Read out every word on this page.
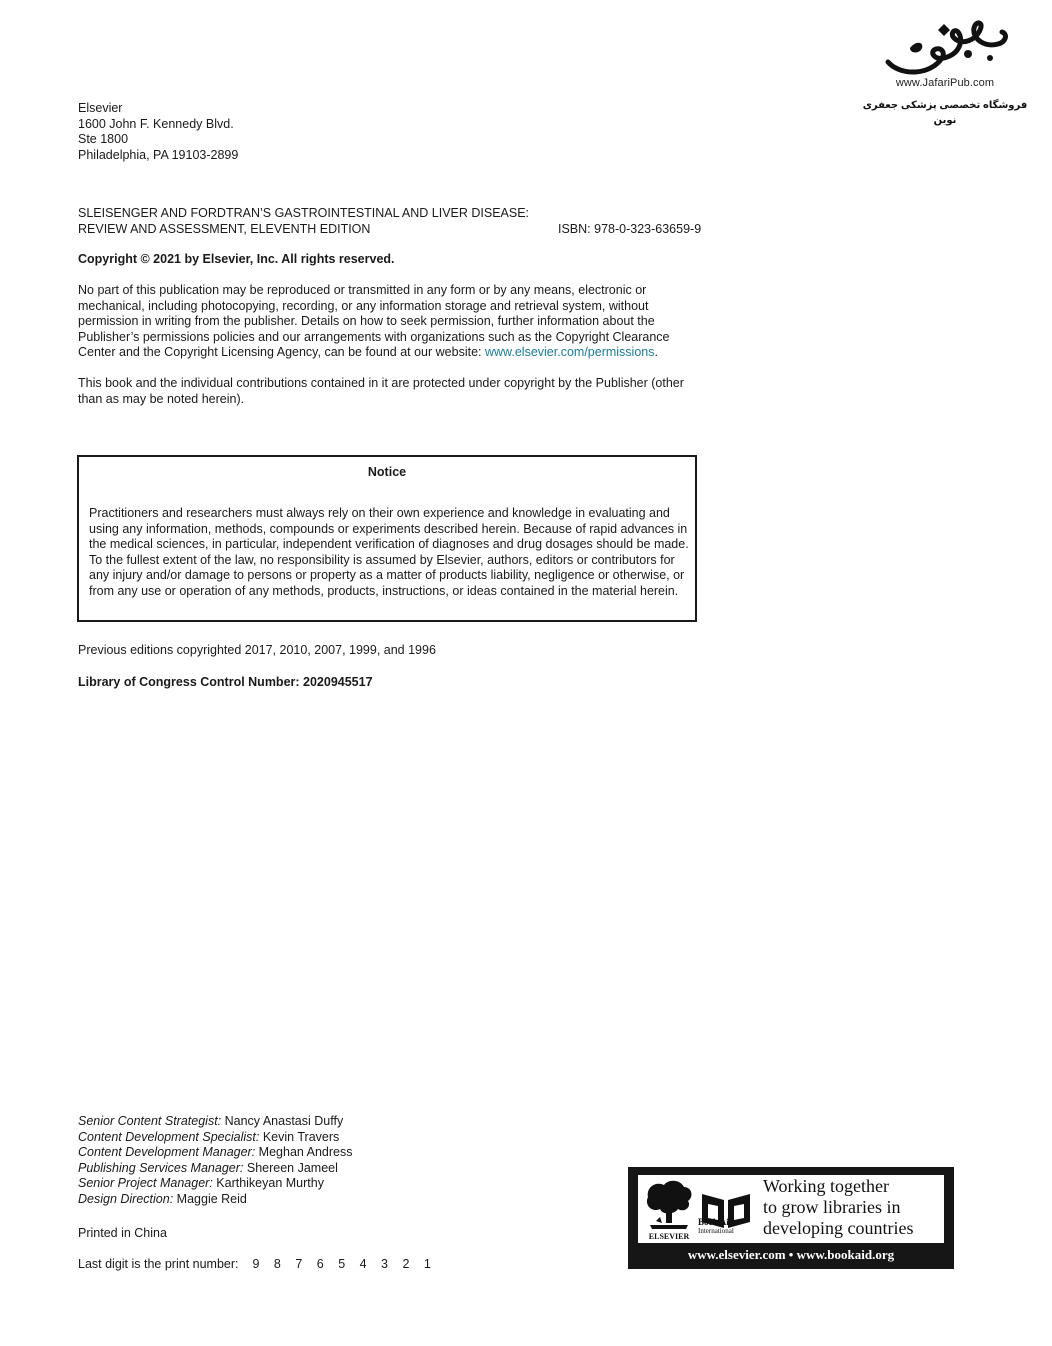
www.JafariPub.com
فروشگاه تخصصی پزشکی جعفری نوین
Elsevier
1600 John F. Kennedy Blvd.
Ste 1800
Philadelphia, PA 19103-2899
SLEISENGER AND FORDTRAN’S GASTROINTESTINAL AND LIVER DISEASE:
REVIEW AND ASSESSMENT, ELEVENTH EDITION	ISBN: 978-0-323-63659-9

Copyright © 2021 by Elsevier, Inc. All rights reserved.

No part of this publication may be reproduced or transmitted in any form or by any means, electronic or mechanical, including photocopying, recording, or any information storage and retrieval system, without permission in writing from the publisher. Details on how to seek permission, further information about the Publisher’s permissions policies and our arrangements with organizations such as the Copyright Clearance Center and the Copyright Licensing Agency, can be found at our website: www.elsevier.com/permissions.

This book and the individual contributions contained in it are protected under copyright by the Publisher (other than as may be noted herein).

Notice

Practitioners and researchers must always rely on their own experience and knowledge in evaluating and using any information, methods, compounds or experiments described herein. Because of rapid advances in the medical sciences, in particular, independent verification of diagnoses and drug dosages should be made. To the fullest extent of the law, no responsibility is assumed by Elsevier, authors, editors or contributors for any injury and/or damage to persons or property as a matter of products liability, negligence or otherwise, or from any use or operation of any methods, products, instructions, or ideas contained in the material herein.

Previous editions copyrighted 2017, 2010, 2007, 1999, and 1996

Library of Congress Control Number: 2020945517

Senior Content Strategist: Nancy Anastasi Duffy
Content Development Specialist: Kevin Travers
Content Development Manager: Meghan Andress
Publishing Services Manager: Shereen Jameel
Senior Project Manager: Karthikeyan Murthy
Design Direction: Maggie Reid

Printed in China

Last digit is the print number: 9 8 7 6 5 4 3 2 1

ELSEVIER
Book Aid
International
Working together
to grow libraries in
developing countries
www.elsevier.com • www.bookaid.org
